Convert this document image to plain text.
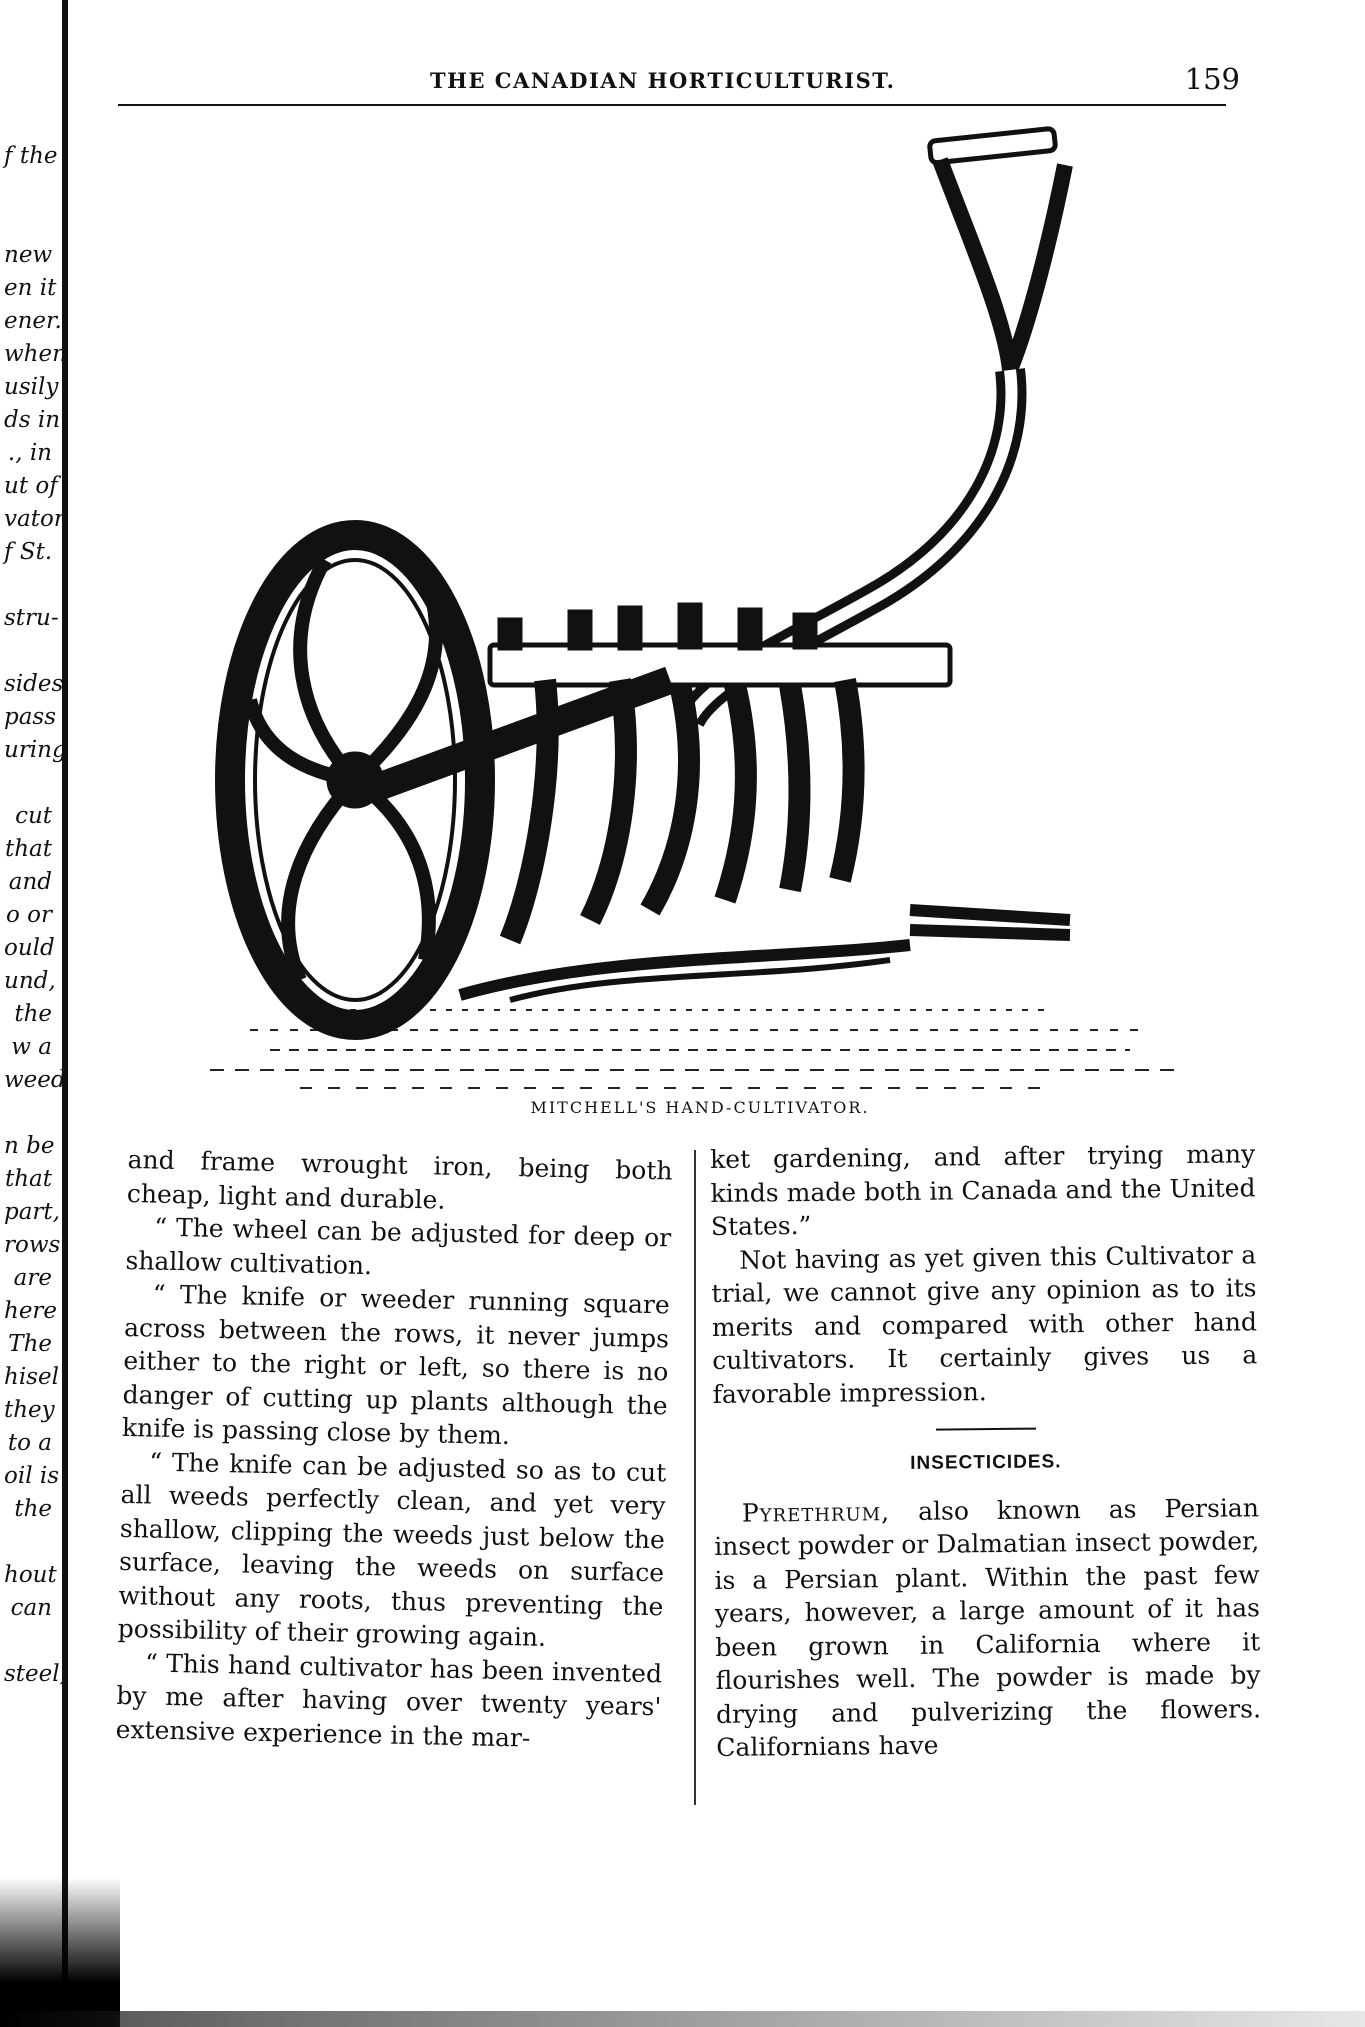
f the
new
en it
ener.
when
usily
ds in
., in
ut of
vator
f St.
stru-
sides
pass
uring
cut
that
and
o or
ould
und,
the
w a
weed
n be
that
part,
rows
are
here
The
hisel
they
to a
oil is
the
hout
can
steel,
THE CANADIAN HORTICULTURIST.	159
MITCHELL'S HAND-CULTIVATOR.

and frame wrought iron, being both cheap, light and durable.

“ The wheel can be adjusted for deep or shallow cultivation.

“ The knife or weeder running square across between the rows, it never jumps either to the right or left, so there is no danger of cutting up plants although the knife is passing close by them.

“ The knife can be adjusted so as to cut all weeds perfectly clean, and yet very shallow, clipping the weeds just below the surface, leaving the weeds on surface without any roots, thus preventing the possibility of their growing again.

“ This hand cultivator has been invented by me after having over twenty years' extensive experience in the mar-

ket gardening, and after trying many kinds made both in Canada and the United States.”

Not having as yet given this Cultivator a trial, we cannot give any opinion as to its merits and compared with other hand cultivators. It certainly gives us a favorable impression.

INSECTICIDES.

Pyrethrum, also known as Persian insect powder or Dalmatian insect powder, is a Persian plant. Within the past few years, however, a large amount of it has been grown in California where it flourishes well. The powder is made by drying and pulverizing the flowers. Californians have
